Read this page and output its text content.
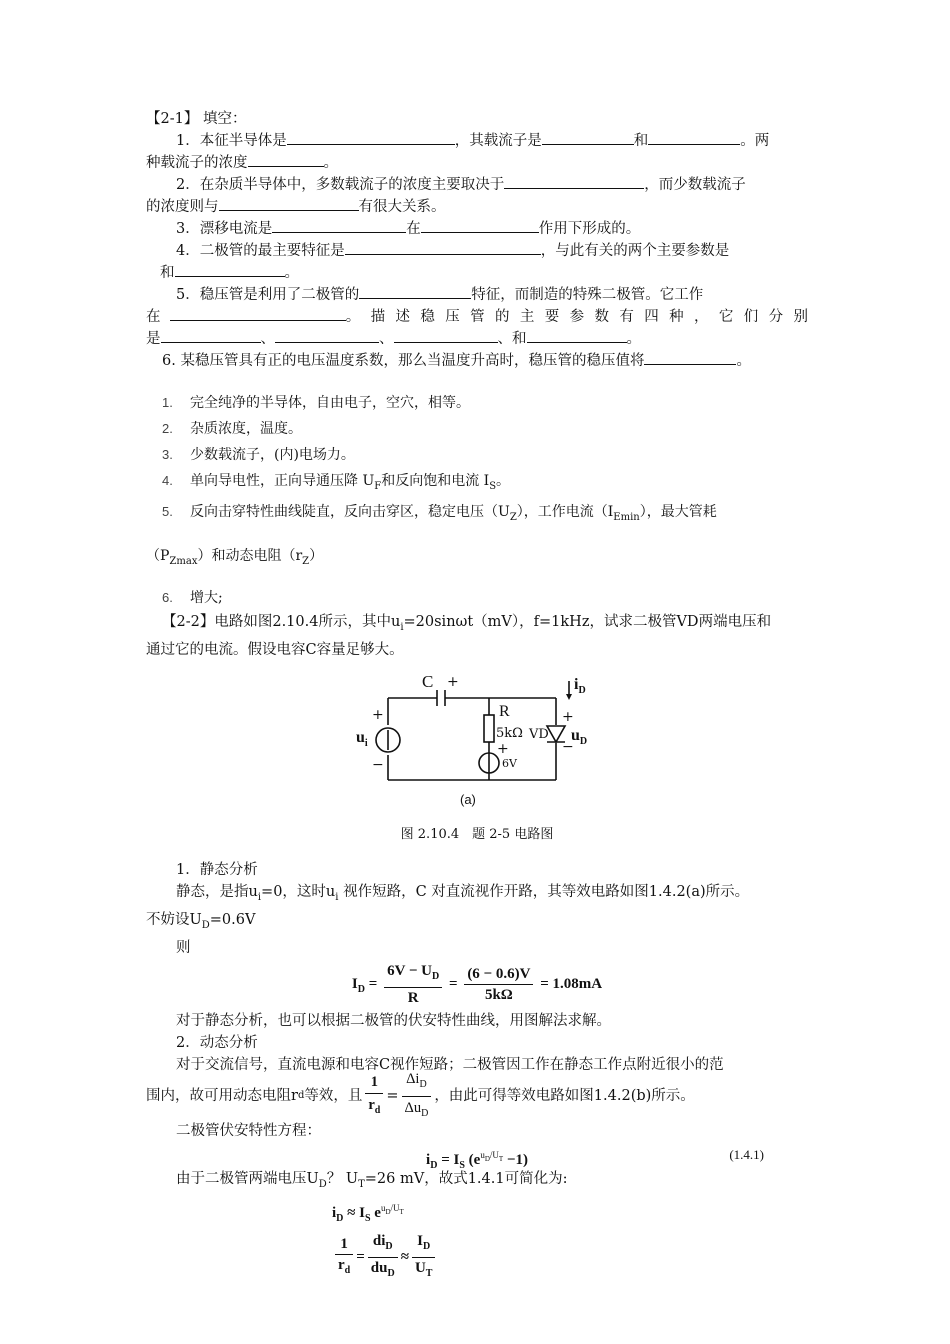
【2-1】 填空：

1．本征半导体是	，其载流子是	和	。两

种载流子的浓度	。

2．在杂质半导体中，多数载流子的浓度主要取决于	，而少数载流子

的浓度则与	有很大关系。

3．漂移电流是	在	作用下形成的。

4．二极管的最主要特征是	，与此有关的两个主要参数是

和	。

5．稳压管是利用了二极管的	特征，而制造的特殊二极管。它工作

在	。 描 述 稳 压 管 的 主 要 参 数 有 四 种 ， 它 们 分 别

是	、	、	、和	。

6. 某稳压管具有正的电压温度系数，那么当温度升高时，稳压管的稳压值将	。

1. 完全纯净的半导体，自由电子，空穴，相等。

2. 杂质浓度，温度。

3. 少数载流子，(内)电场力。

4. 单向导电性，正向导通压降 $U_F$和反向饱和电流 $I_S$。

5. 反向击穿特性曲线陡直，反向击穿区，稳定电压$(U_Z)$，工作电流$(I_{Emin})$，最大管耗

$(P_{Zmax})$和动态电阻$(r_Z)$

6. 增大;

【2-2】电路如图2.10.4所示，其中$u_i=20\sin\omega t(mV)$，f=1kHz，试求二极管VD两端电压和

通过它的电流。假设电容C容量足够大。

C +
+
−
$u_i$
R
5kΩ VD
+
6V
$i_D$
+
$u_D$
−
(a)

图 2.10.4　题 2-5 电路图

1．静态分析

静态，是指$u_i=0$，这时$u_i$ 视作短路，C 对直流视作开路，其等效电路如图1.4.2(a)所示。

不妨设$U_D=0.6V$

则

$I_D = \frac{6V - U_D}{R} = \frac{(6 - 0.6)V}{5k\Omega} = 1.08mA$

对于静态分析，也可以根据二极管的伏安特性曲线，用图解法求解。

2．动态分析

对于交流信号，直流电源和电容C视作短路；二极管因工作在静态工作点附近很小的范

围内，故可用动态电阻r d 等效，且 $\frac{1}{r_d} = \frac{\Delta i_D}{\Delta u_D}$ ，由此可得等效电路如图1.4.2(b)所示。

二极管伏安特性方程：

$i_D = I_S$ $(e^{u_D/U_T} -1)$	(1.4.1)

由于二极管两端电压$U_D$？ $U_T=26$ mV，故式1.4.1可简化为:

$i_D \approx I_S$ $e^{u_D/U_T}$
$\frac{1}{r_d} = \frac{di_D}{du_D} \approx \frac{I_D}{U_T}$
